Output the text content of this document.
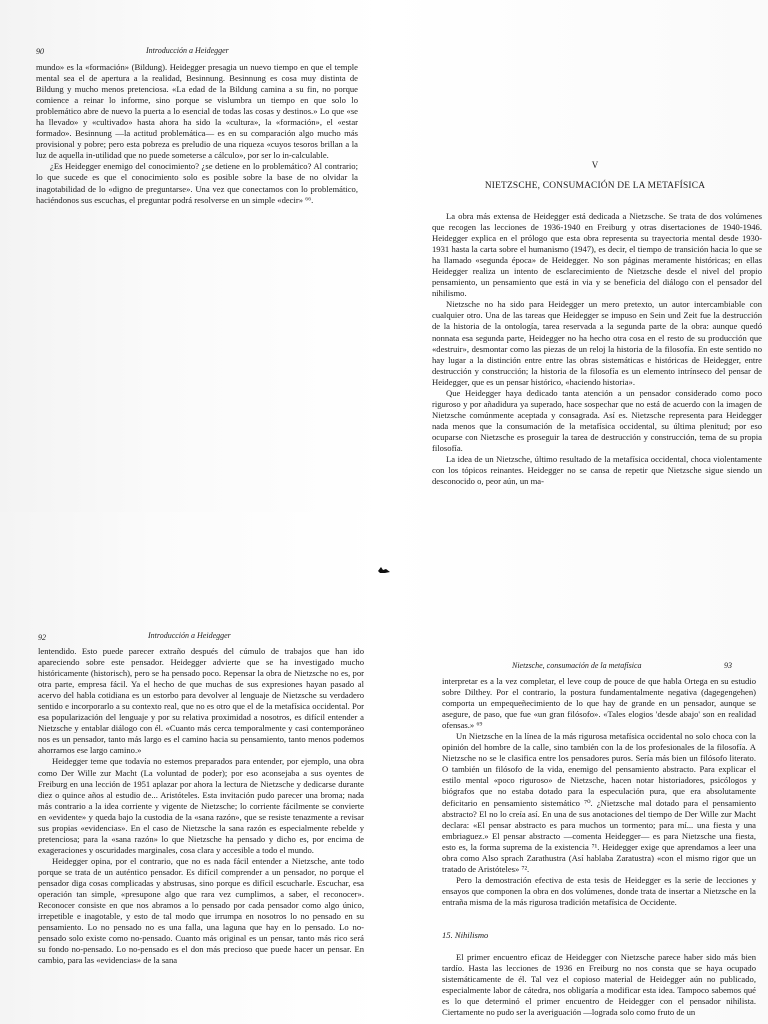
90	Introducción a Heidegger

mundo» es la «formación» (Bildung). Heidegger presagia un nuevo tiempo en que el temple mental sea el de apertura a la realidad, Besinnung. Besinnung es cosa muy distinta de Bildung y mucho menos pretenciosa. «La edad de la Bildung camina a su fin, no porque comience a reinar lo informe, sino porque se vislumbra un tiempo en que solo lo problemático abre de nuevo la puerta a lo esencial de todas las cosas y destinos.» Lo que «se ha llevado» y «cultivado» hasta ahora ha sido la «cultura», la «formación», el «estar formado». Besinnung —la actitud problemática— es en su comparación algo mucho más provisional y pobre; pero esta pobreza es preludio de una riqueza «cuyos tesoros brillan a la luz de aquella in-utilidad que no puede someterse a cálculo», por ser lo in-calculable.

¿Es Heidegger enemigo del conocimiento? ¿se detiene en lo problemático? Al contrario; lo que sucede es que el conocimiento solo es posible sobre la base de no olvidar la inagotabilidad de lo «digno de preguntarse». Una vez que conectamos con lo problemático, haciéndonos sus escuchas, el preguntar podrá resolverse en un simple «decir» ⁶⁶.

V
NIETZSCHE, CONSUMACIÓN DE LA METAFÍSICA

La obra más extensa de Heidegger está dedicada a Nietzsche. Se trata de dos volúmenes que recogen las lecciones de 1936-1940 en Freiburg y otras disertaciones de 1940-1946. Heidegger explica en el prólogo que esta obra representa su trayectoria mental desde 1930-1931 hasta la carta sobre el humanismo (1947), es decir, el tiempo de transición hacia lo que se ha llamado «segunda época» de Heidegger. No son páginas meramente históricas; en ellas Heidegger realiza un intento de esclarecimiento de Nietzsche desde el nivel del propio pensamiento, un pensamiento que está in via y se beneficia del diálogo con el pensador del nihilismo.

Nietzsche no ha sido para Heidegger un mero pretexto, un autor intercambiable con cualquier otro. Una de las tareas que Heidegger se impuso en Sein und Zeit fue la destrucción de la historia de la ontología, tarea reservada a la segunda parte de la obra: aunque quedó nonnata esa segunda parte, Heidegger no ha hecho otra cosa en el resto de su producción que «destruir», desmontar como las piezas de un reloj la historia de la filosofía. En este sentido no hay lugar a la distinción entre entre las obras sistemáticas e históricas de Heidegger, entre destrucción y construcción; la historia de la filosofía es un elemento intrínseco del pensar de Heidegger, que es un pensar histórico, «haciendo historia».

Que Heidegger haya dedicado tanta atención a un pensador considerado como poco riguroso y por añadidura ya superado, hace sospechar que no está de acuerdo con la imagen de Nietzsche comúnmente aceptada y consagrada. Así es. Nietzsche representa para Heidegger nada menos que la consumación de la metafísica occidental, su última plenitud; por eso ocuparse con Nietzsche es proseguir la tarea de destrucción y construcción, tema de su propia filosofía.

La idea de un Nietzsche, último resultado de la metafísica occidental, choca violentamente con los tópicos reinantes. Heidegger no se cansa de repetir que Nietzsche sigue siendo un desconocido o, peor aún, un ma-

92	Introducción a Heidegger

lentendido. Esto puede parecer extraño después del cúmulo de trabajos que han ido apareciendo sobre este pensador. Heidegger advierte que se ha investigado mucho históricamente (historisch), pero se ha pensado poco. Repensar la obra de Nietzsche no es, por otra parte, empresa fácil. Ya el hecho de que muchas de sus expresiones hayan pasado al acervo del habla cotidiana es un estorbo para devolver al lenguaje de Nietzsche su verdadero sentido e incorporarlo a su contexto real, que no es otro que el de la metafísica occidental. Por esa popularización del lenguaje y por su relativa proximidad a nosotros, es difícil entender a Nietzsche y entablar diálogo con él. «Cuanto más cerca temporalmente y casi contemporáneo nos es un pensador, tanto más largo es el camino hacia su pensamiento, tanto menos podemos ahorrarnos ese largo camino.»

Heidegger teme que todavía no estemos preparados para entender, por ejemplo, una obra como Der Wille zur Macht (La voluntad de poder); por eso aconsejaba a sus oyentes de Freiburg en una lección de 1951 aplazar por ahora la lectura de Nietzsche y dedicarse durante diez o quince años al estudio de... Aristóteles. Esta invitación pudo parecer una broma; nada más contrario a la idea corriente y vigente de Nietzsche; lo corriente fácilmente se convierte en «evidente» y queda bajo la custodia de la «sana razón», que se resiste tenazmente a revisar sus propias «evidencias». En el caso de Nietzsche la sana razón es especialmente rebelde y pretenciosa; para la «sana razón» lo que Nietzsche ha pensado y dicho es, por encima de exageraciones y oscuridades marginales, cosa clara y accesible a todo el mundo.

Heidegger opina, por el contrario, que no es nada fácil entender a Nietzsche, ante todo porque se trata de un auténtico pensador. Es difícil comprender a un pensador, no porque el pensador diga cosas complicadas y abstrusas, sino porque es difícil escucharle. Escuchar, esa operación tan simple, «presupone algo que rara vez cumplimos, a saber, el reconocer». Reconocer consiste en que nos abramos a lo pensado por cada pensador como algo único, irrepetible e inagotable, y esto de tal modo que irrumpa en nosotros lo no pensado en su pensamiento. Lo no pensado no es una falla, una laguna que hay en lo pensado. Lo no-pensado solo existe como no-pensado. Cuanto más original es un pensar, tanto más rico será su fondo no-pensado. Lo no-pensado es el don más precioso que puede hacer un pensar. En cambio, para las «evidencias» de la sana

Nietzsche, consumación de la metafísica	93

interpretar es a la vez completar, el leve coup de pouce de que habla Ortega en su estudio sobre Dilthey. Por el contrario, la postura fundamentalmente negativa (dagegengehen) comporta un empequeñecimiento de lo que hay de grande en un pensador, aunque se asegure, de paso, que fue «un gran filósofo». «Tales elogios 'desde abajo' son en realidad ofensas.» ⁶⁹

Un Nietzsche en la línea de la más rigurosa metafísica occidental no solo choca con la opinión del hombre de la calle, sino también con la de los profesionales de la filosofía. A Nietzsche no se le clasifica entre los pensadores puros. Sería más bien un filósofo literato. O también un filósofo de la vida, enemigo del pensamiento abstracto. Para explicar el estilo mental «poco riguroso» de Nietzsche, hacen notar historiadores, psicólogos y biógrafos que no estaba dotado para la especulación pura, que era absolutamente deficitario en pensamiento sistemático ⁷⁰. ¿Nietzsche mal dotado para el pensamiento abstracto? El no lo creía así. En una de sus anotaciones del tiempo de Der Wille zur Macht declara: «El pensar abstracto es para muchos un tormento; para mí... una fiesta y una embriaguez.» El pensar abstracto —comenta Heidegger— es para Nietzsche una fiesta, esto es, la forma suprema de la existencia ⁷¹. Heidegger exige que aprendamos a leer una obra como Also sprach Zarathustra (Así hablaba Zaratustra) «con el mismo rigor que un tratado de Aristóteles» ⁷².

Pero la demostración efectiva de esta tesis de Heidegger es la serie de lecciones y ensayos que componen la obra en dos volúmenes, donde trata de insertar a Nietzsche en la entraña misma de la más rigurosa tradición metafísica de Occidente.

15. Nihilismo

El primer encuentro eficaz de Heidegger con Nietzsche parece haber sido más bien tardío. Hasta las lecciones de 1936 en Freiburg no nos consta que se haya ocupado sistemáticamente de él. Tal vez el copioso material de Heidegger aún no publicado, especialmente labor de cátedra, nos obligaría a modificar esta idea. Tampoco sabemos qué es lo que determinó el primer encuentro de Heidegger con el pensador nihilista. Ciertamente no pudo ser la averiguación —lograda solo como fruto de un
